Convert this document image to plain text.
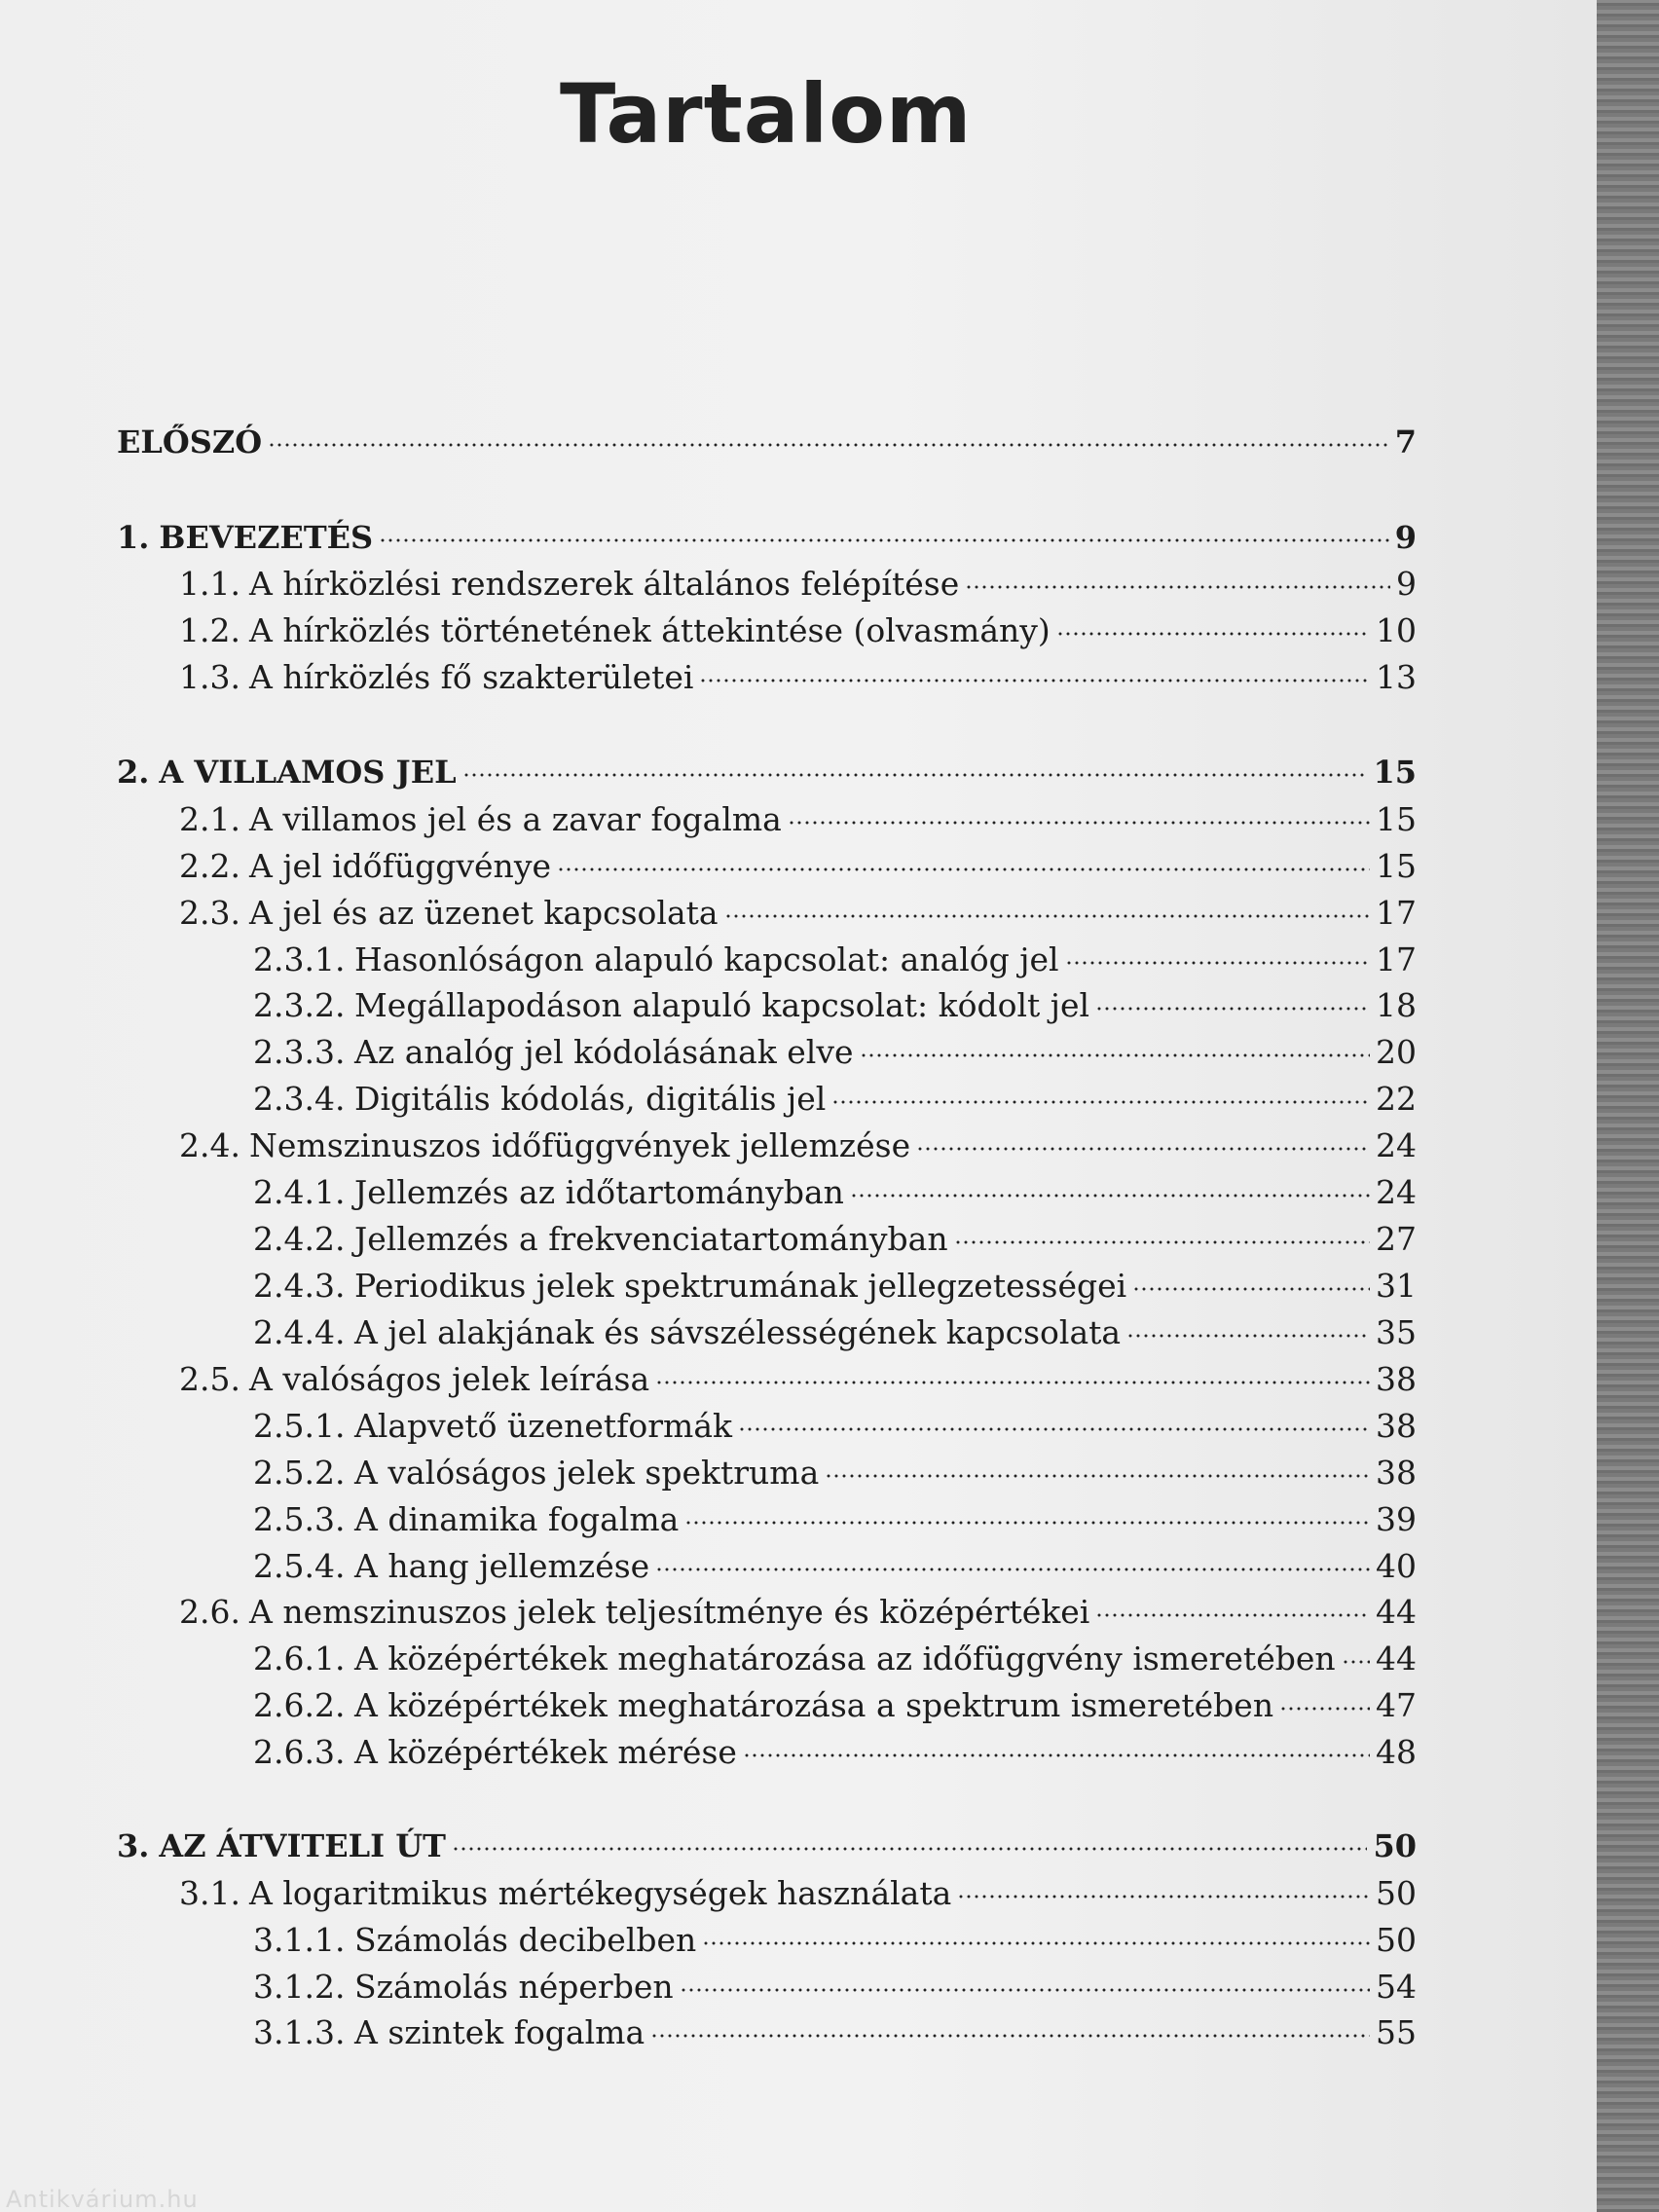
Tartalom
ELŐSZÓ	7
1. BEVEZETÉS	9
1.1. A hírközlési rendszerek általános felépítése	9
1.2. A hírközlés történetének áttekintése (olvasmány)	10
1.3. A hírközlés fő szakterületei	13
2. A VILLAMOS JEL	15
2.1. A villamos jel és a zavar fogalma	15
2.2. A jel időfüggvénye	15
2.3. A jel és az üzenet kapcsolata	17
2.3.1. Hasonlóságon alapuló kapcsolat: analóg jel	17
2.3.2. Megállapodáson alapuló kapcsolat: kódolt jel	18
2.3.3. Az analóg jel kódolásának elve	20
2.3.4. Digitális kódolás, digitális jel	22
2.4. Nemszinuszos időfüggvények jellemzése	24
2.4.1. Jellemzés az időtartományban	24
2.4.2. Jellemzés a frekvenciatartományban	27
2.4.3. Periodikus jelek spektrumának jellegzetességei	31
2.4.4. A jel alakjának és sávszélességének kapcsolata	35
2.5. A valóságos jelek leírása	38
2.5.1. Alapvető üzenetformák	38
2.5.2. A valóságos jelek spektruma	38
2.5.3. A dinamika fogalma	39
2.5.4. A hang jellemzése	40
2.6. A nemszinuszos jelek teljesítménye és középértékei	44
2.6.1. A középértékek meghatározása az időfüggvény ismeretében 44
2.6.2. A középértékek meghatározása a spektrum ismeretében	47
2.6.3. A középértékek mérése	48
3. AZ ÁTVITELI ÚT	50
3.1. A logaritmikus mértékegységek használata	50
3.1.1. Számolás decibelben	50
3.1.2. Számolás néperben	54
3.1.3. A szintek fogalma	55
Antikvárium.hu
